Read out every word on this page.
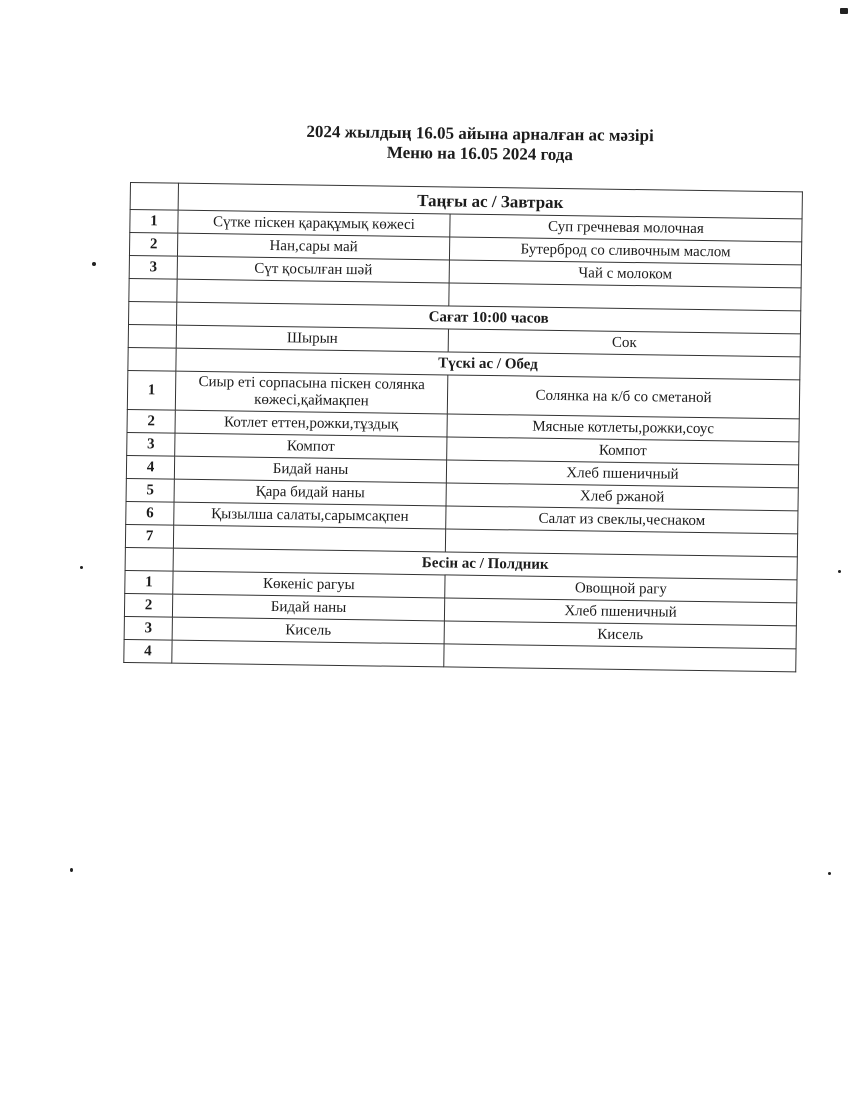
2024 жылдың 16.05 айына арналған ас мәзірі
Меню на 16.05 2024 года
	Таңғы ас / Завтрак	
1	Сүтке піскен қарақұмық көжесі	Суп гречневая молочная
2	Нан,сары май	Бутерброд со сливочным маслом
3	Сүт қосылған шәй	Чай с молоком

	Сағат 10:00 часов	
	Шырын	Сок
	Түскі ас / Обед	
1	Сиыр еті сорпасына піскен солянка көжесі,қаймақпен	Солянка на к/б со сметаной
2	Котлет еттен,рожки,тұздық	Мясные котлеты,рожки,соус
3	Компот	Компот
4	Бидай наны	Хлеб пшеничный
5	Қара бидай наны	Хлеб ржаной
6	Қызылша салаты,сарымсақпен	Салат из свеклы,чеснаком
7		
	Бесін ас / Полдник	
1	Көкеніс рагуы	Овощной рагу
2	Бидай наны	Хлеб пшеничный
3	Кисель	Кисель
4		
